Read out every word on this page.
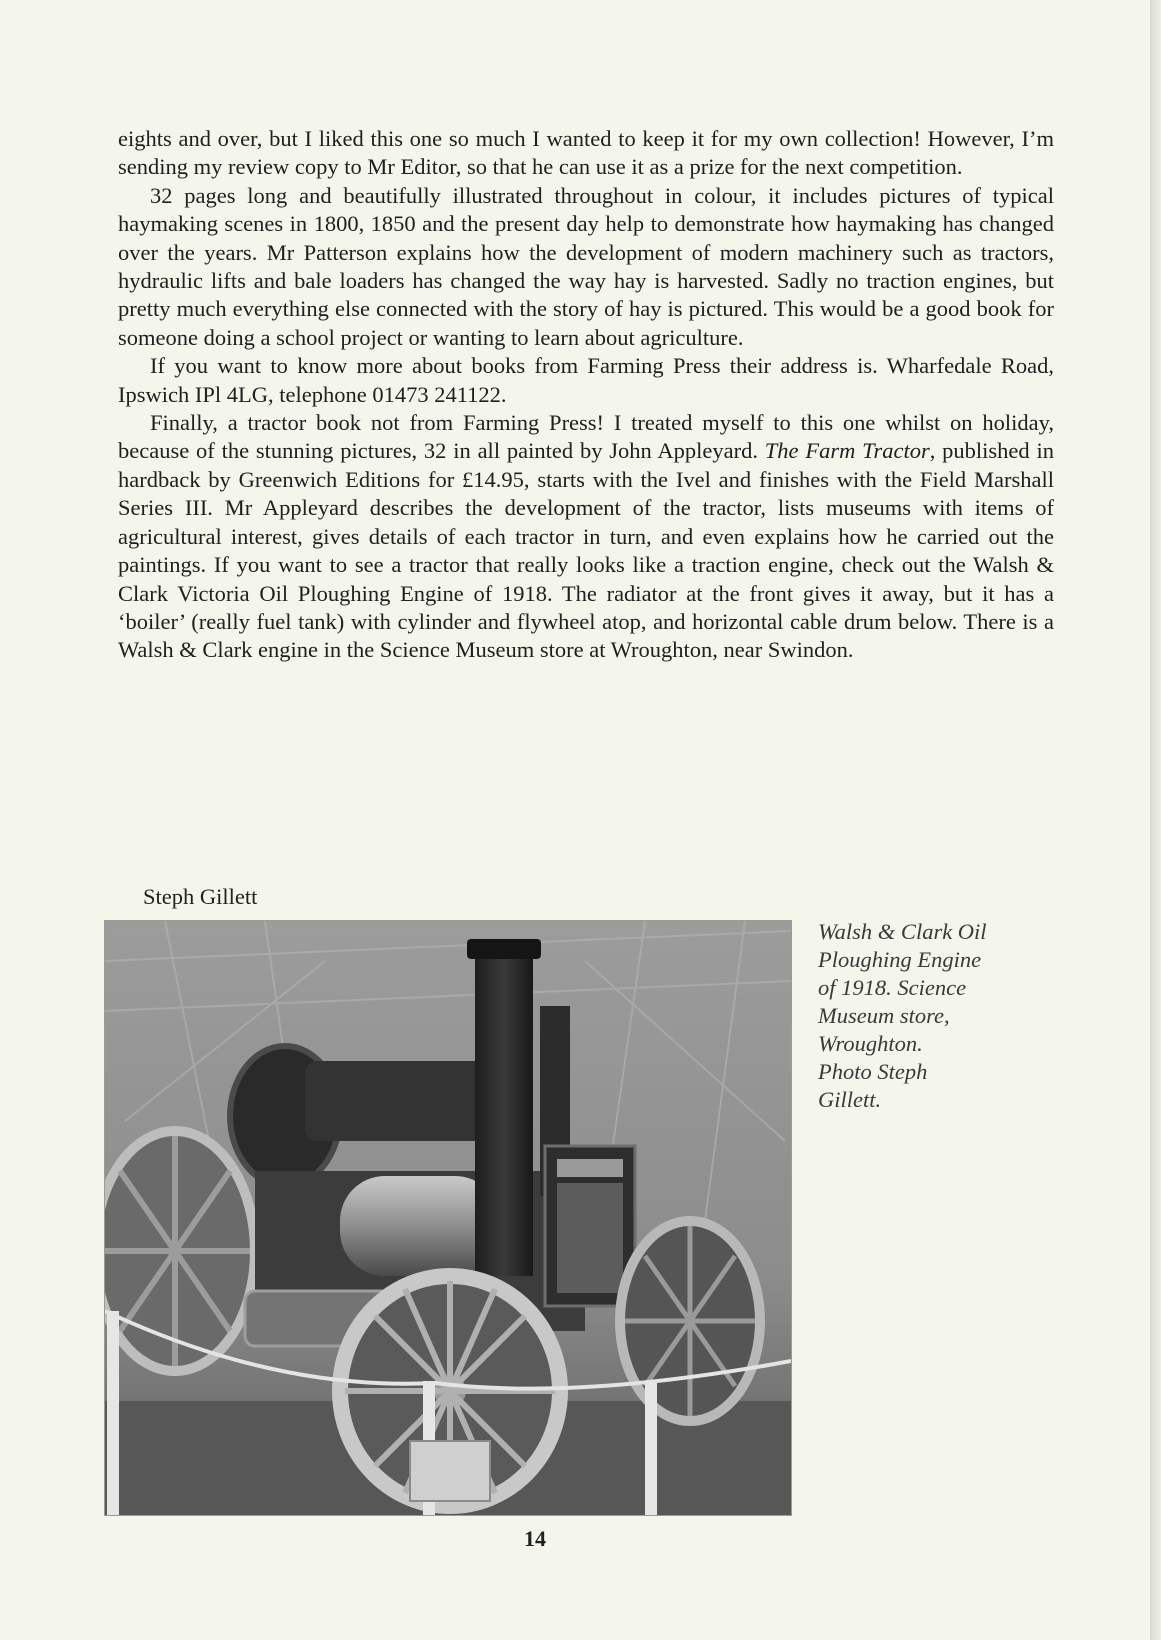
eights and over, but I liked this one so much I wanted to keep it for my own collection! However, I’m sending my review copy to Mr Editor, so that he can use it as a prize for the next competition.

32 pages long and beautifully illustrated throughout in colour, it includes pictures of typical haymaking scenes in 1800, 1850 and the present day help to demonstrate how haymaking has changed over the years. Mr Patterson explains how the development of modern machinery such as tractors, hydraulic lifts and bale loaders has changed the way hay is harvested. Sadly no traction engines, but pretty much everything else connected with the story of hay is pictured. This would be a good book for someone doing a school project or wanting to learn about agriculture.

If you want to know more about books from Farming Press their address is. Wharfedale Road, Ipswich IPl 4LG, telephone 01473 241122.

Finally, a tractor book not from Farming Press! I treated myself to this one whilst on holiday, because of the stunning pictures, 32 in all painted by John Appleyard. The Farm Tractor, published in hardback by Greenwich Editions for £14.95, starts with the Ivel and finishes with the Field Marshall Series III. Mr Appleyard describes the development of the tractor, lists museums with items of agricultural interest, gives details of each tractor in turn, and even explains how he carried out the paintings. If you want to see a tractor that really looks like a traction engine, check out the Walsh & Clark Victoria Oil Ploughing Engine of 1918. The radiator at the front gives it away, but it has a ‘boiler’ (really fuel tank) with cylinder and flywheel atop, and horizontal cable drum below. There is a Walsh & Clark engine in the Science Museum store at Wroughton, near Swindon.

Steph Gillett
Walsh & Clark Oil
Ploughing Engine
of 1918. Science
Museum store,
Wroughton.
Photo Steph
Gillett.
14
